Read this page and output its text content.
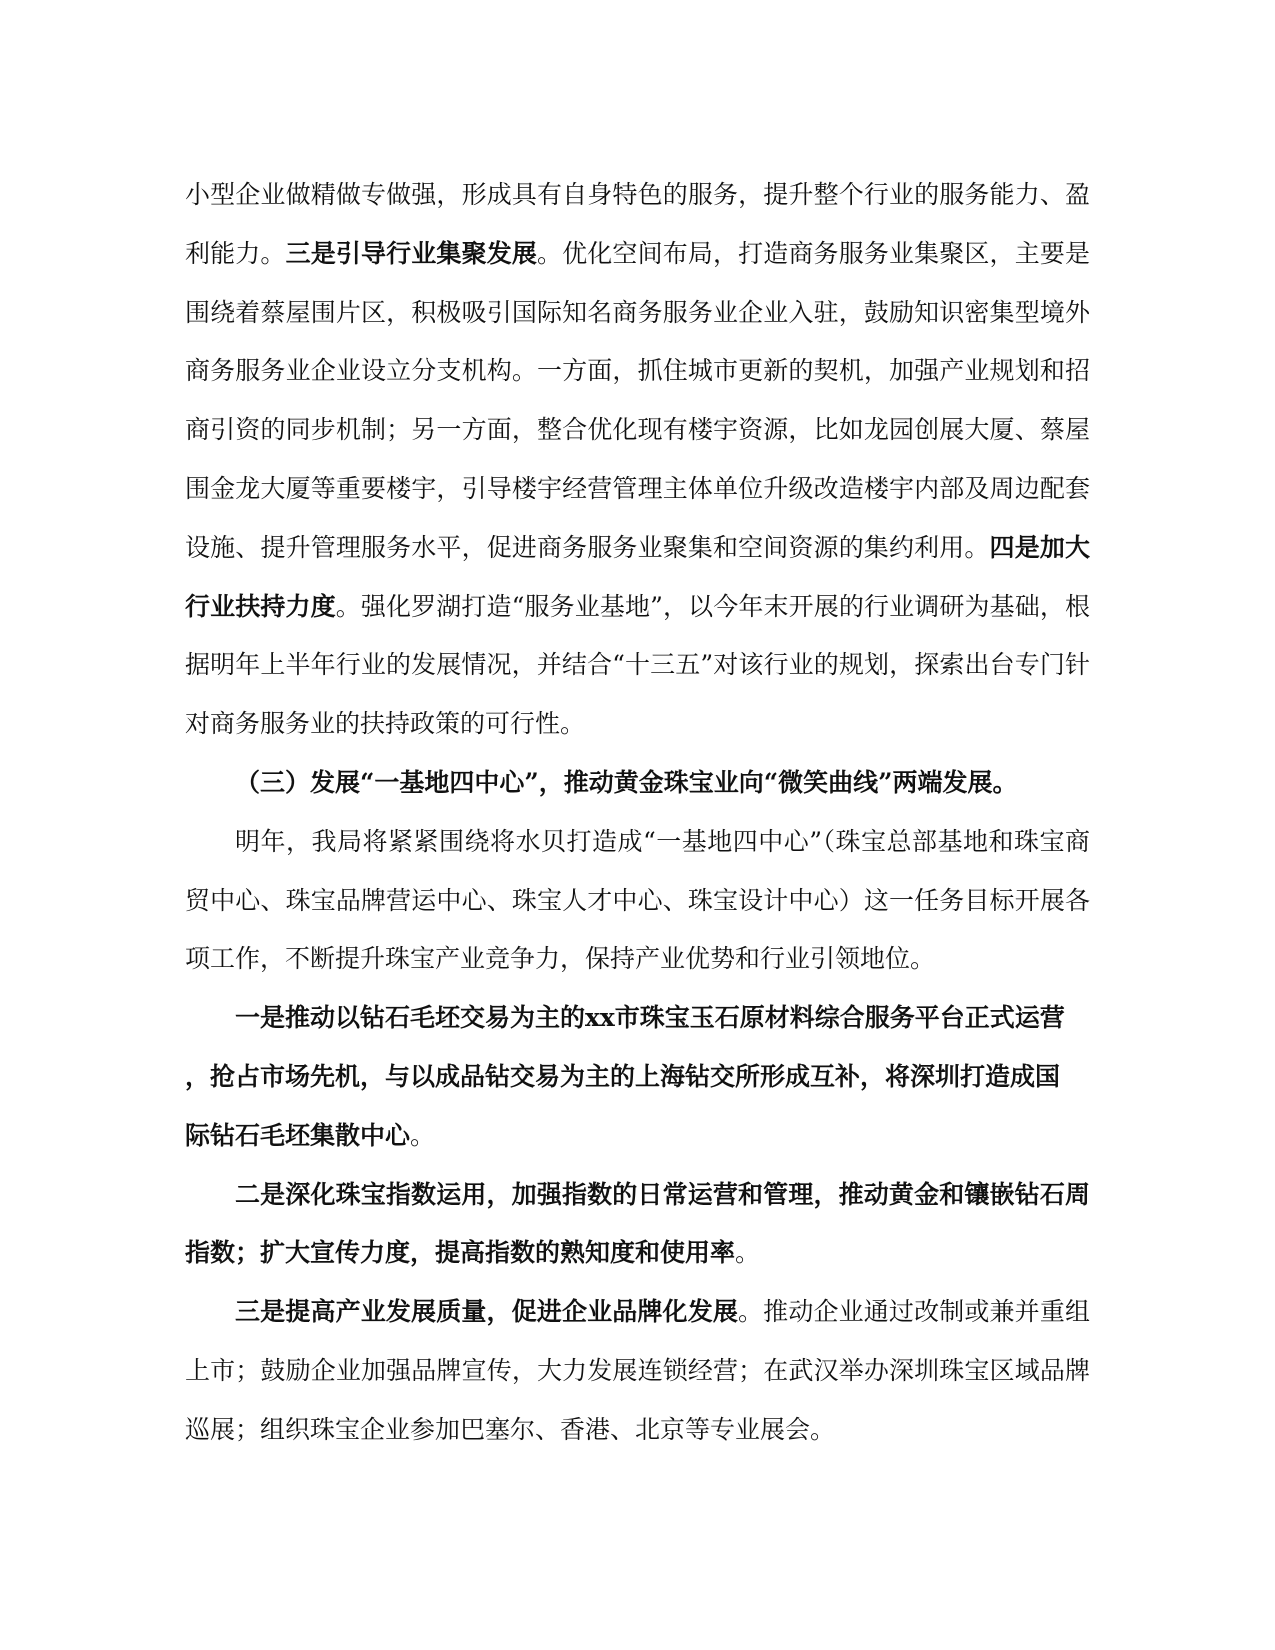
小型企业做精做专做强，形成具有自身特色的服务，提升整个行业的服务能力、盈利能力。三是引导行业集聚发展。优化空间布局，打造商务服务业集聚区，主要是围绕着蔡屋围片区，积极吸引国际知名商务服务业企业入驻，鼓励知识密集型境外商务服务业企业设立分支机构。一方面，抓住城市更新的契机，加强产业规划和招商引资的同步机制；另一方面，整合优化现有楼宇资源，比如龙园创展大厦、蔡屋围金龙大厦等重要楼宇，引导楼宇经营管理主体单位升级改造楼宇内部及周边配套设施、提升管理服务水平，促进商务服务业聚集和空间资源的集约利用。四是加大行业扶持力度。强化罗湖打造“服务业基地”，以今年末开展的行业调研为基础，根据明年上半年行业的发展情况，并结合“十三五”对该行业的规划，探索出台专门针对商务服务业的扶持政策的可行性。

（三）发展“一基地四中心”，推动黄金珠宝业向“微笑曲线”两端发展。

明年，我局将紧紧围绕将水贝打造成“一基地四中心”（珠宝总部基地和珠宝商贸中心、珠宝品牌营运中心、珠宝人才中心、珠宝设计中心）这一任务目标开展各项工作，不断提升珠宝产业竞争力，保持产业优势和行业引领地位。

一是推动以钻石毛坯交易为主的xx市珠宝玉石原材料综合服务平台正式运营
，抢占市场先机，与以成品钻交易为主的上海钻交所形成互补，将深圳打造成国
际钻石毛坯集散中心。

二是深化珠宝指数运用，加强指数的日常运营和管理，推动黄金和镶嵌钻石周指数；扩大宣传力度，提高指数的熟知度和使用率。

三是提高产业发展质量，促进企业品牌化发展。推动企业通过改制或兼并重组上市；鼓励企业加强品牌宣传，大力发展连锁经营；在武汉举办深圳珠宝区域品牌巡展；组织珠宝企业参加巴塞尔、香港、北京等专业展会。
